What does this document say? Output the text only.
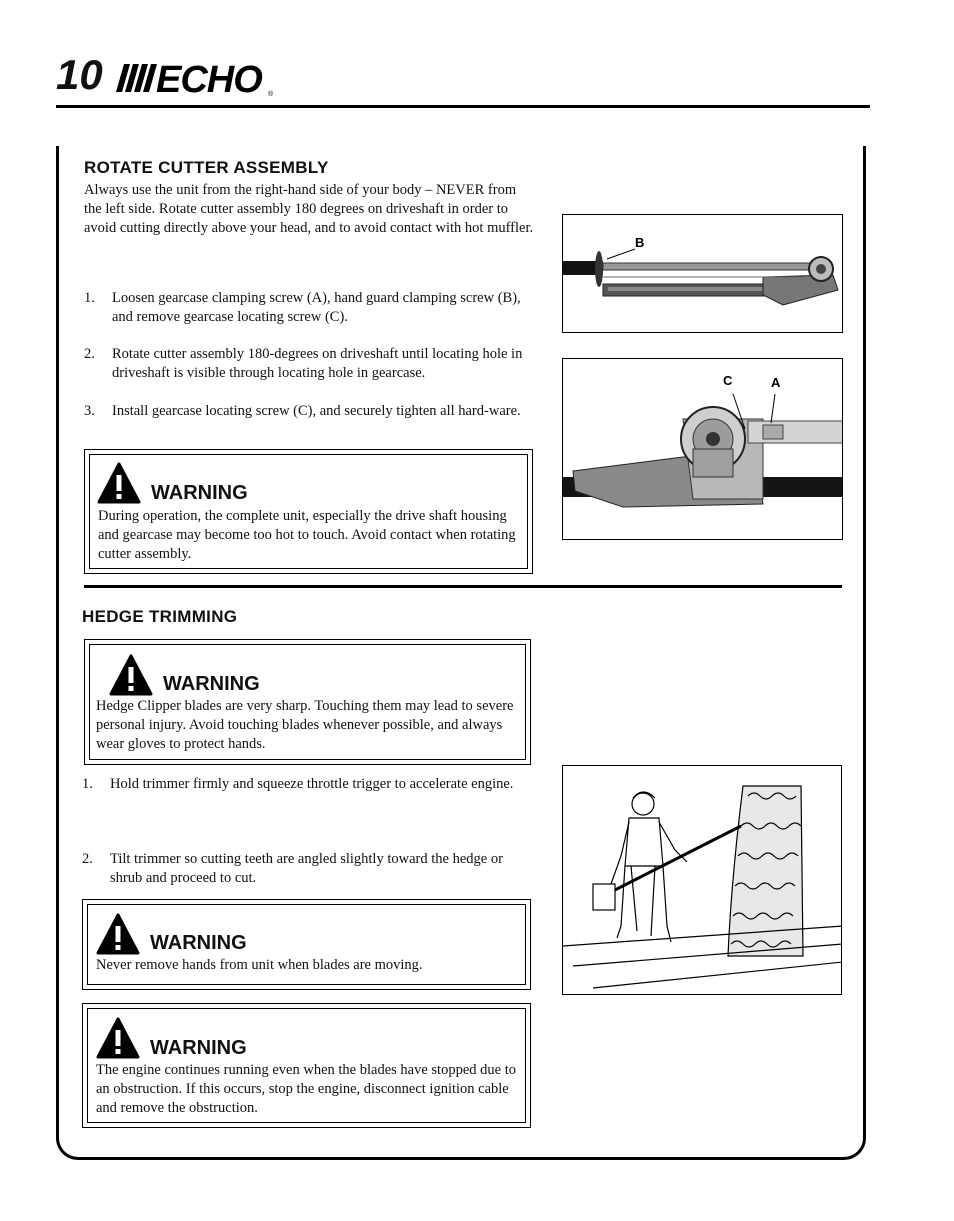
10 ECHO ®
ROTATE CUTTER ASSEMBLY
Always use the unit from the right-hand side of your body – NEVER from the left side. Rotate cutter assembly 180 degrees on driveshaft in order to avoid cutting directly above your head, and to avoid contact with hot muffler.
1. Loosen gearcase clamping screw (A), hand guard clamping screw (B), and remove gearcase locating screw (C).
2. Rotate cutter assembly 180-degrees on driveshaft until locating hole in driveshaft is visible through locating hole in gearcase.
3. Install gearcase locating screw (C), and securely tighten all hard-ware.
WARNING
During operation, the complete unit, especially the drive shaft housing and gearcase may become too hot to touch. Avoid contact when rotating cutter assembly.
B
C	A
HEDGE TRIMMING
WARNING
Hedge Clipper blades are very sharp. Touching them may lead to severe personal injury. Avoid touching blades whenever possible, and always wear gloves to protect hands.
1. Hold trimmer firmly and squeeze throttle trigger to accelerate engine.
2. Tilt trimmer so cutting teeth are angled slightly toward the hedge or shrub and proceed to cut.
WARNING
Never remove hands from unit when blades are moving.
WARNING
The engine continues running even when the blades have stopped due to an obstruction. If this occurs, stop the engine, disconnect ignition cable and remove the obstruction.
